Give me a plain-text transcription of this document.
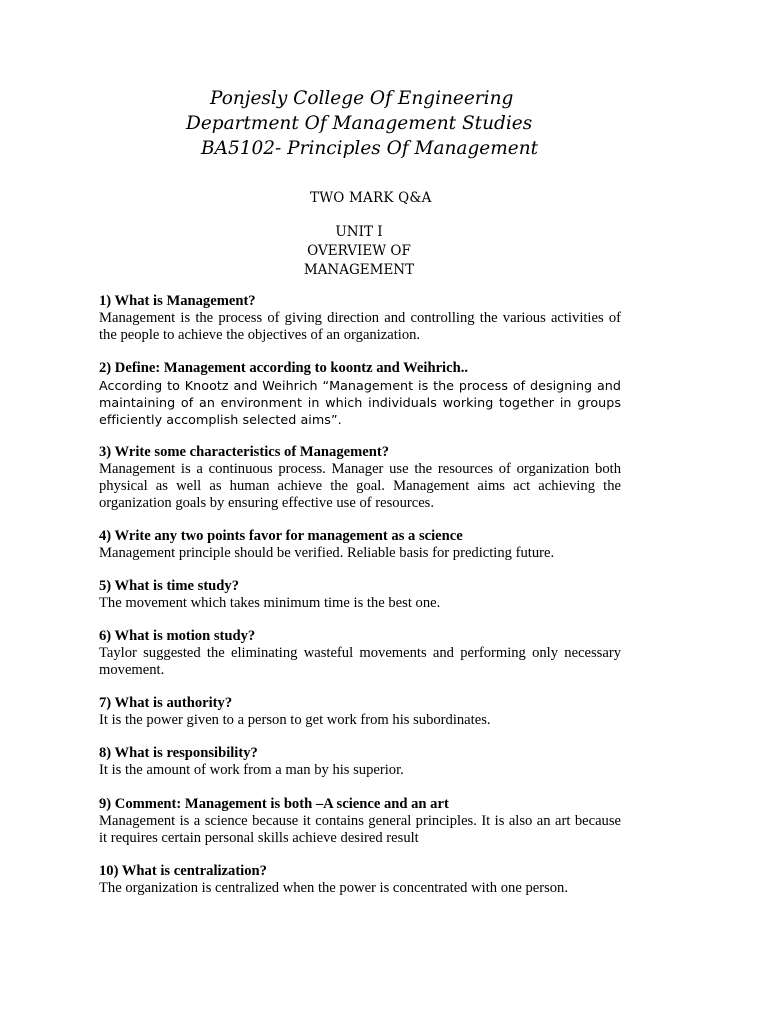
Ponjesly College Of Engineering
Department Of Management Studies
BA5102- Principles Of Management
TWO MARK Q&A
UNIT I
OVERVIEW OF
MANAGEMENT
1) What is Management?
Management is the process of giving direction and controlling the various activities of the people to achieve the objectives of an organization.
2) Define: Management according to koontz and Weihrich..
According to Knootz and Weihrich “Management is the process of designing and maintaining of an environment in which individuals working together in groups efficiently accomplish selected aims”.
3) Write some characteristics of Management?
Management is a continuous process. Manager use the resources of organization both physical as well as human achieve the goal. Management aims act achieving the organization goals by ensuring effective use of resources.
4) Write any two points favor for management as a science
Management principle should be verified. Reliable basis for predicting future.
5) What is time study?
The movement which takes minimum time is the best one.
6) What is motion study?
Taylor suggested the eliminating wasteful movements and performing only necessary movement.
7) What is authority?
It is the power given to a person to get work from his subordinates.
8) What is responsibility?
It is the amount of work from a man by his superior.
9) Comment: Management is both –A science and an art
Management is a science because it contains general principles. It is also an art because it requires certain personal skills achieve desired result
10) What is centralization?
The organization is centralized when the power is concentrated with one person.
